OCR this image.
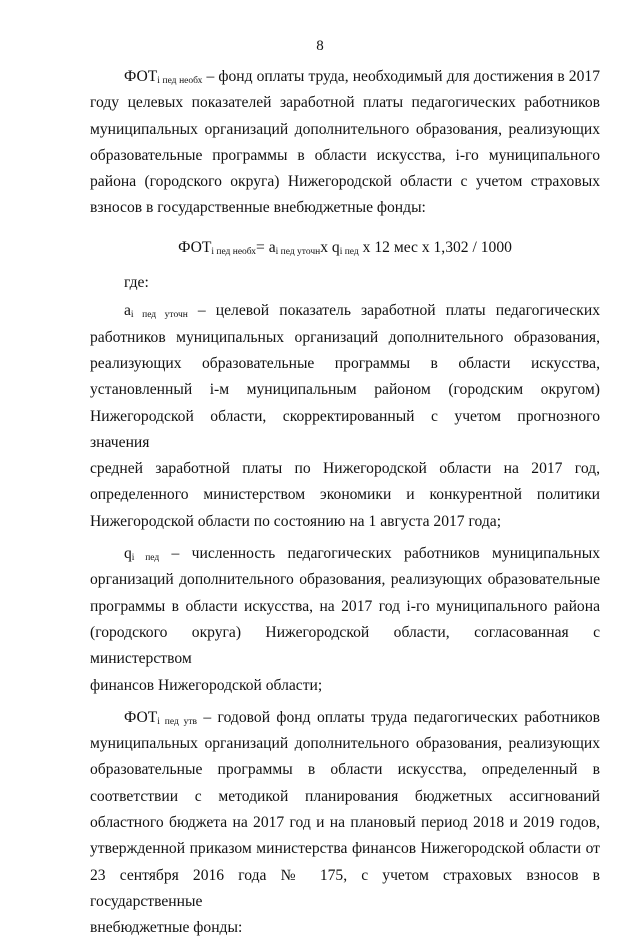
8

$ФОТ_{i пед необх}$ – фонд оплаты труда, необходимый для достижения в 2017

году целевых показателей заработной платы педагогических работников

муниципальных организаций дополнительного образования, реализующих

образовательные программы в области искусства, i-го муниципального

района (городского округа) Нижегородской области с учетом страховых

взносов в государственные внебюджетные фонды:

$ФОТ_{i пед необх}= а_{i пед уточн}х$ $q_{i пед}$ х 12 мес х 1,302 / 1000

где:

$а_{i пед уточн}$ – целевой показатель заработной платы педагогических

работников муниципальных организаций дополнительного образования,

реализующих образовательные программы в области искусства,

установленный i-м муниципальным районом (городским округом)

Нижегородской области, скорректированный с учетом прогнозного значения

средней заработной платы по Нижегородской области на 2017 год,

определенного министерством экономики и конкурентной политики

Нижегородской области по состоянию на 1 августа 2017 года;

$q_{i пед}$ – численность педагогических работников муниципальных

организаций дополнительного образования, реализующих образовательные

программы в области искусства, на 2017 год i-го муниципального района

(городского округа) Нижегородской области, согласованная с министерством

финансов Нижегородской области;

$ФОТ_{i пед утв}$ – годовой фонд оплаты труда педагогических работников

муниципальных организаций дополнительного образования, реализующих

образовательные программы в области искусства, определенный в

соответствии с методикой планирования бюджетных ассигнований

областного бюджета на 2017 год и на плановый период 2018 и 2019 годов,

утвержденной приказом министерства финансов Нижегородской области от

23 сентября 2016 года № 175, с учетом страховых взносов в государственные

внебюджетные фонды:
